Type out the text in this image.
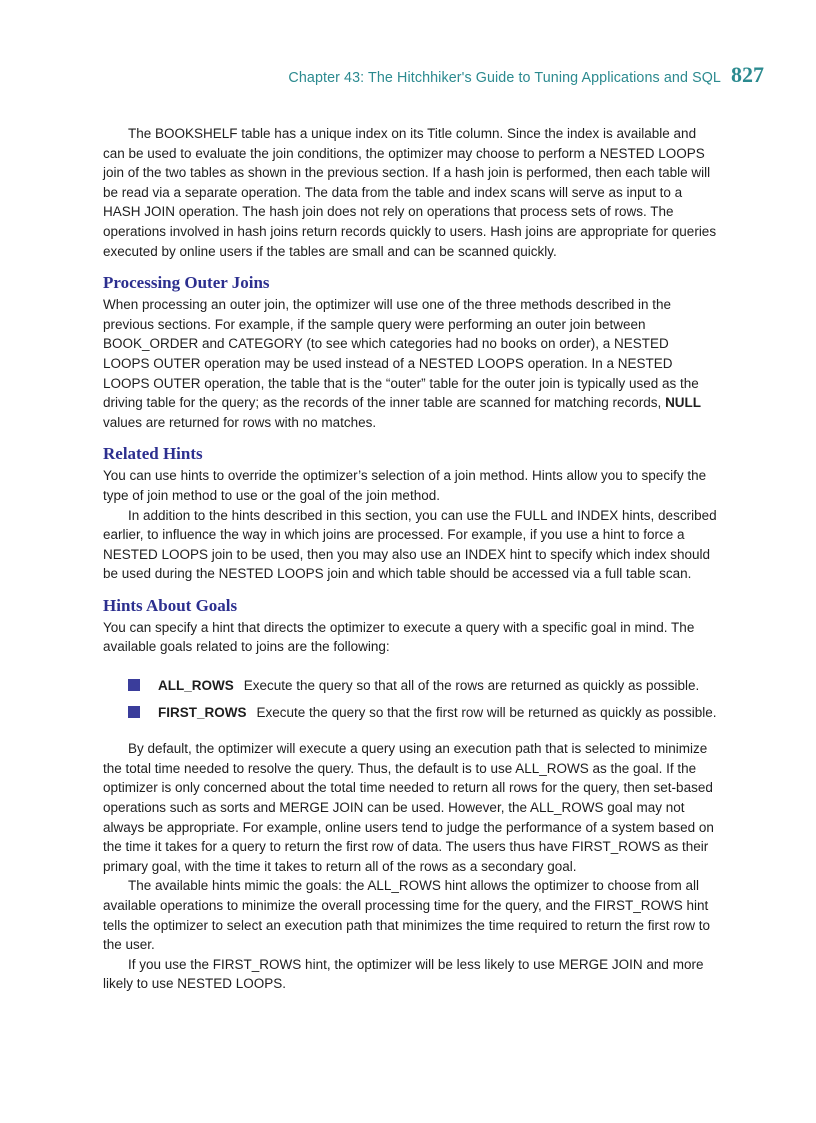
Chapter 43: The Hitchhiker's Guide to Tuning Applications and SQL 827

The BOOKSHELF table has a unique index on its Title column. Since the index is available and can be used to evaluate the join conditions, the optimizer may choose to perform a NESTED LOOPS join of the two tables as shown in the previous section. If a hash join is performed, then each table will be read via a separate operation. The data from the table and index scans will serve as input to a HASH JOIN operation. The hash join does not rely on operations that process sets of rows. The operations involved in hash joins return records quickly to users. Hash joins are appropriate for queries executed by online users if the tables are small and can be scanned quickly.

Processing Outer Joins

When processing an outer join, the optimizer will use one of the three methods described in the previous sections. For example, if the sample query were performing an outer join between BOOK_ORDER and CATEGORY (to see which categories had no books on order), a NESTED LOOPS OUTER operation may be used instead of a NESTED LOOPS operation. In a NESTED LOOPS OUTER operation, the table that is the “outer” table for the outer join is typically used as the driving table for the query; as the records of the inner table are scanned for matching records, NULL values are returned for rows with no matches.

Related Hints

You can use hints to override the optimizer’s selection of a join method. Hints allow you to specify the type of join method to use or the goal of the join method.

In addition to the hints described in this section, you can use the FULL and INDEX hints, described earlier, to influence the way in which joins are processed. For example, if you use a hint to force a NESTED LOOPS join to be used, then you may also use an INDEX hint to specify which index should be used during the NESTED LOOPS join and which table should be accessed via a full table scan.

Hints About Goals

You can specify a hint that directs the optimizer to execute a query with a specific goal in mind. The available goals related to joins are the following:

ALL_ROWS Execute the query so that all of the rows are returned as quickly as possible.
FIRST_ROWS Execute the query so that the first row will be returned as quickly as possible.

By default, the optimizer will execute a query using an execution path that is selected to minimize the total time needed to resolve the query. Thus, the default is to use ALL_ROWS as the goal. If the optimizer is only concerned about the total time needed to return all rows for the query, then set-based operations such as sorts and MERGE JOIN can be used. However, the ALL_ROWS goal may not always be appropriate. For example, online users tend to judge the performance of a system based on the time it takes for a query to return the first row of data. The users thus have FIRST_ROWS as their primary goal, with the time it takes to return all of the rows as a secondary goal.

The available hints mimic the goals: the ALL_ROWS hint allows the optimizer to choose from all available operations to minimize the overall processing time for the query, and the FIRST_ROWS hint tells the optimizer to select an execution path that minimizes the time required to return the first row to the user.

If you use the FIRST_ROWS hint, the optimizer will be less likely to use MERGE JOIN and more likely to use NESTED LOOPS.
